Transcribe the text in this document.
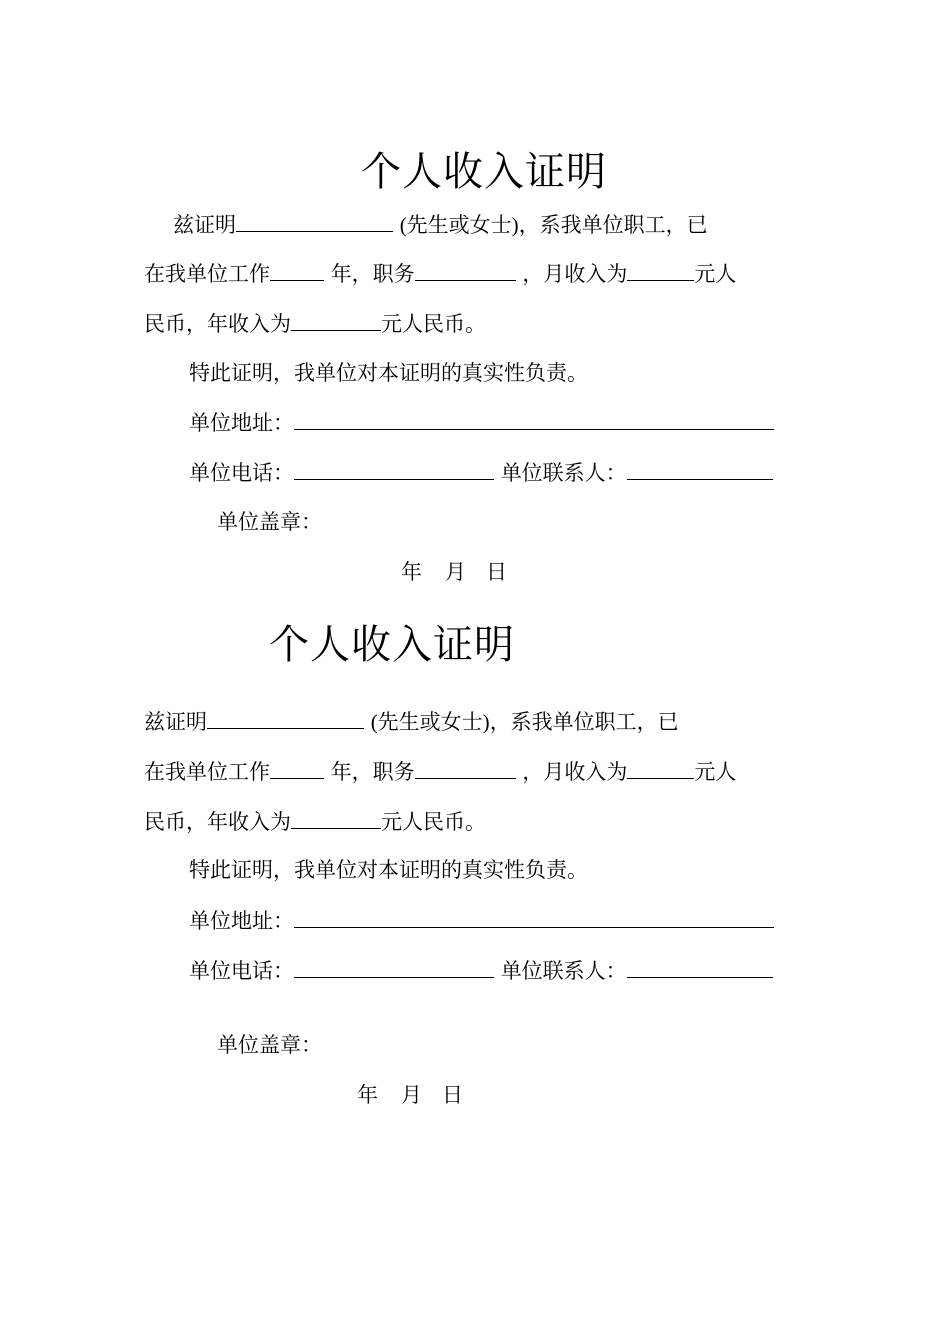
个人收入证明
兹证明	(先生或女士)，系我单位职工，已
在我单位工作	年，职务	，月收入为	元人
民币，年收入为	元人民币。
特此证明，我单位对本证明的真实性负责。
单位地址：
单位电话：	单位联系人：
单位盖章：
年 月 日
个人收入证明
兹证明	(先生或女士)，系我单位职工，已
在我单位工作	年，职务	，月收入为	元人
民币，年收入为	元人民币。
特此证明，我单位对本证明的真实性负责。
单位地址：
单位电话：	单位联系人：
单位盖章：
年 月 日
